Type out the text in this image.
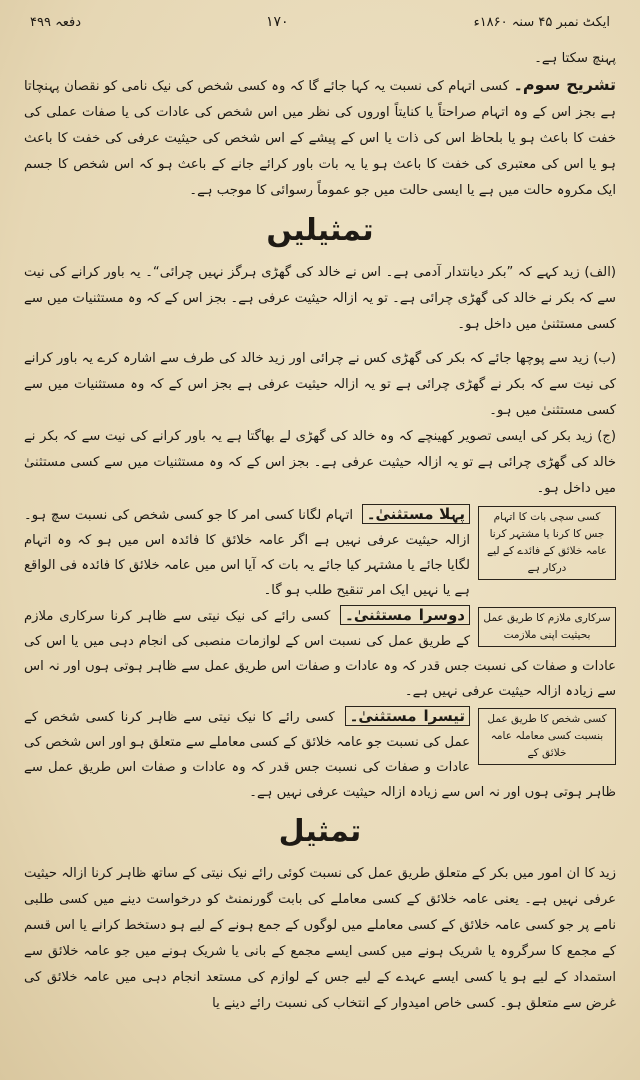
دفعہ ۴۹۹	۱۷۰	ایکٹ نمبر ۴۵ سنہ ۱۸۶۰ء

پہنچ سکتا ہے۔

تشریح سوم۔ کسی اتہام کی نسبت یہ کہا جائے گا کہ وہ کسی شخص کی نیک نامی کو نقصان پہنچاتا ہے بجز اس کے وہ اتہام صراحتاً یا کنایتاً اوروں کی نظر میں اس شخص کی عادات کی یا صفات عملی کی خفت کا باعث ہو یا بلحاظ اس کی ذات یا اس کے پیشے کے اس شخص کی حیثیت عرفی کی خفت کا باعث ہو یا اس کی معتبری کی خفت کا باعث ہو یا یہ بات باور کرائے جانے کے باعث ہو کہ اس شخص کا جسم ایک مکروہ حالت میں ہے یا ایسی حالت میں جو عموماً رسوائی کا موجب ہے۔

تمثیلیں

(الف) زید کہے کہ ”بکر دیانتدار آدمی ہے۔ اس نے خالد کی گھڑی ہرگز نہیں چرائی“۔ یہ باور کرانے کی نیت سے کہ بکر نے خالد کی گھڑی چرائی ہے۔ تو یہ ازالہ حیثیت عرفی ہے۔ بجز اس کے کہ وہ مستثنیات میں سے کسی مستثنیٰ میں داخل ہو۔

(ب) زید سے پوچھا جائے کہ بکر کی گھڑی کس نے چرائی اور زید خالد کی طرف سے اشارہ کرے یہ باور کرانے کی نیت سے کہ بکر نے گھڑی چرائی ہے تو یہ ازالہ حیثیت عرفی ہے بجز اس کے کہ وہ مستثنیات میں سے کسی مستثنیٰ میں ہو۔

(ج) زید بکر کی ایسی تصویر کھینچے کہ وہ خالد کی گھڑی لے بھاگتا ہے یہ باور کرانے کی نیت سے کہ بکر نے خالد کی گھڑی چرائی ہے تو یہ ازالہ حیثیت عرفی ہے۔ بجز اس کے کہ وہ مستثنیات میں سے کسی مستثنیٰ میں داخل ہو۔

کسی سچی بات کا اتہام جس کا کرنا یا مشتہر کرنا عامہ خلائق کے فائدے کے لیے درکار ہے

پہلا مستثنیٰ۔ اتہام لگانا کسی امر کا جو کسی شخص کی نسبت سچ ہو۔ ازالہ حیثیت عرفی نہیں ہے اگر عامہ خلائق کا فائدہ اس میں ہو کہ وہ اتہام لگایا جائے یا مشتہر کیا جائے یہ بات کہ آیا اس میں عامہ خلائق کا فائدہ فی الواقع ہے یا نہیں ایک امر تنقیح طلب ہو گا۔

سرکاری ملازم کا طریق عمل بحیثیت اپنی ملازمت

دوسرا مستثنیٰ۔ کسی رائے کی نیک نیتی سے ظاہر کرنا سرکاری ملازم کے طریق عمل کی نسبت اس کے لوازمات منصبی کی انجام دہی میں یا اس کی عادات و صفات کی نسبت جس قدر کہ وہ عادات و صفات اس طریق عمل سے ظاہر ہوتی ہوں اور نہ اس سے زیادہ ازالہ حیثیت عرفی نہیں ہے۔

کسی شخص کا طریق عمل بنسبت کسی معاملہ عامہ خلائق کے

تیسرا مستثنیٰ۔ کسی رائے کا نیک نیتی سے ظاہر کرنا کسی شخص کے عمل کی نسبت جو عامہ خلائق کے کسی معاملے سے متعلق ہو اور اس شخص کی عادات و صفات کی نسبت جس قدر کہ وہ عادات و صفات اس طریق عمل سے ظاہر ہوتی ہوں اور نہ اس سے زیادہ ازالہ حیثیت عرفی نہیں ہے۔

تمثیل

زید کا ان امور میں بکر کے متعلق طریق عمل کی نسبت کوئی رائے نیک نیتی کے ساتھ ظاہر کرنا ازالہ حیثیت عرفی نہیں ہے۔ یعنی عامہ خلائق کے کسی معاملے کی بابت گورنمنٹ کو درخواست دینے میں کسی طلبی نامے پر جو کسی عامہ خلائق کے کسی معاملے میں لوگوں کے جمع ہونے کے لیے ہو دستخط کرانے یا اس قسم کے مجمع کا سرگروہ یا شریک ہونے میں کسی ایسے مجمع کے بانی یا شریک ہونے میں جو عامہ خلائق سے استمداد کے لیے ہو یا کسی ایسے عہدے کے لیے جس کے لوازم کی مستعد انجام دہی میں عامہ خلائق کی غرض سے متعلق ہو۔ کسی خاص امیدوار کے انتخاب کی نسبت رائے دینے یا
